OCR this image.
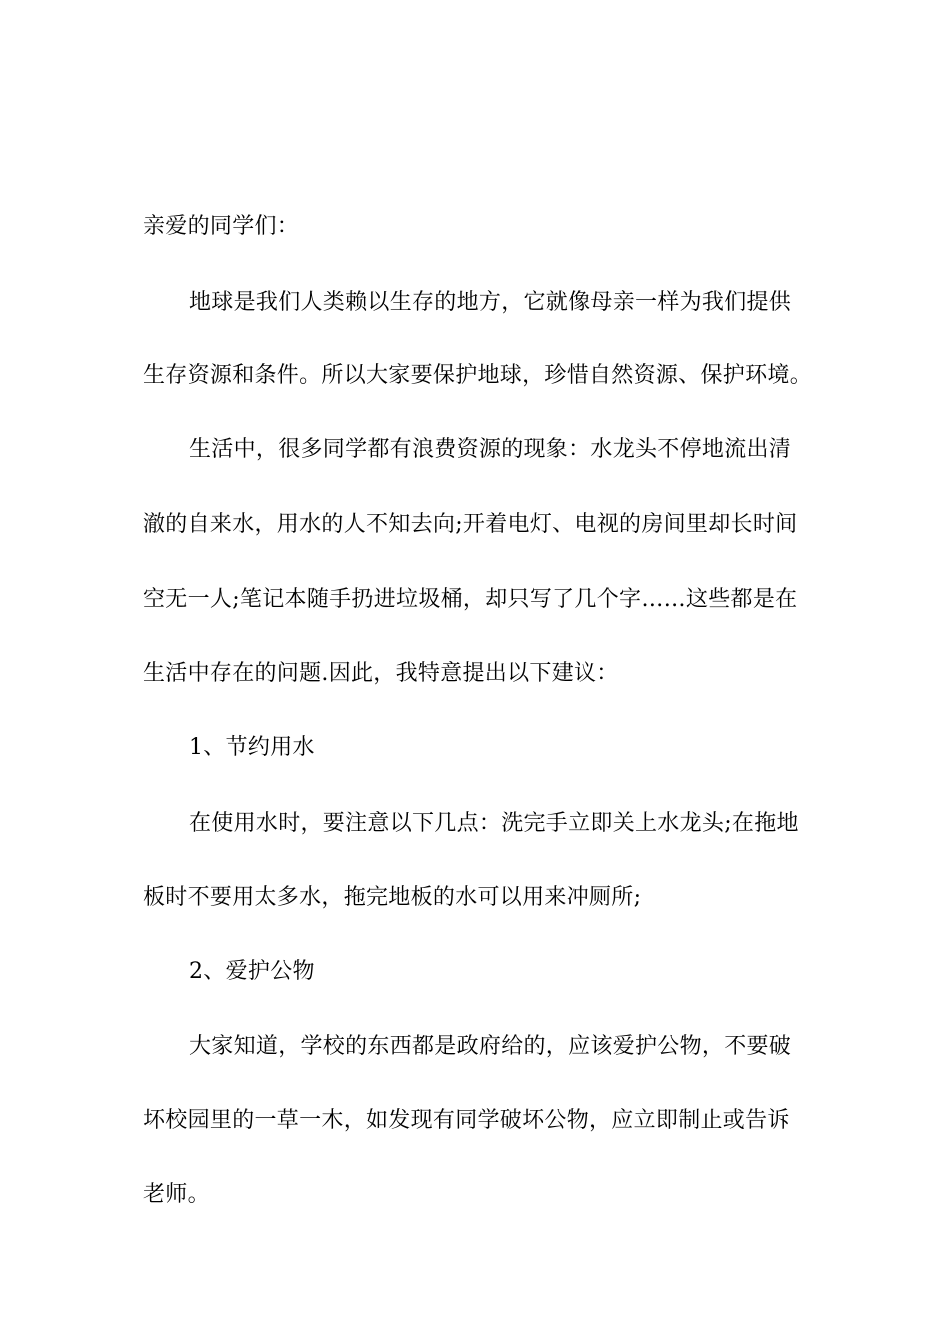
亲爱的同学们：

地球是我们人类赖以生存的地方，它就像母亲一样为我们提供

生存资源和条件。所以大家要保护地球，珍惜自然资源、保护环境。

生活中，很多同学都有浪费资源的现象：水龙头不停地流出清

澈的自来水，用水的人不知去向;开着电灯、电视的房间里却长时间

空无一人;笔记本随手扔进垃圾桶，却只写了几个字……这些都是在

生活中存在的问题.因此，我特意提出以下建议：

1、节约用水

在使用水时，要注意以下几点：洗完手立即关上水龙头;在拖地

板时不要用太多水，拖完地板的水可以用来冲厕所;

2、爱护公物

大家知道，学校的东西都是政府给的，应该爱护公物，不要破

坏校园里的一草一木，如发现有同学破坏公物，应立即制止或告诉

老师。
